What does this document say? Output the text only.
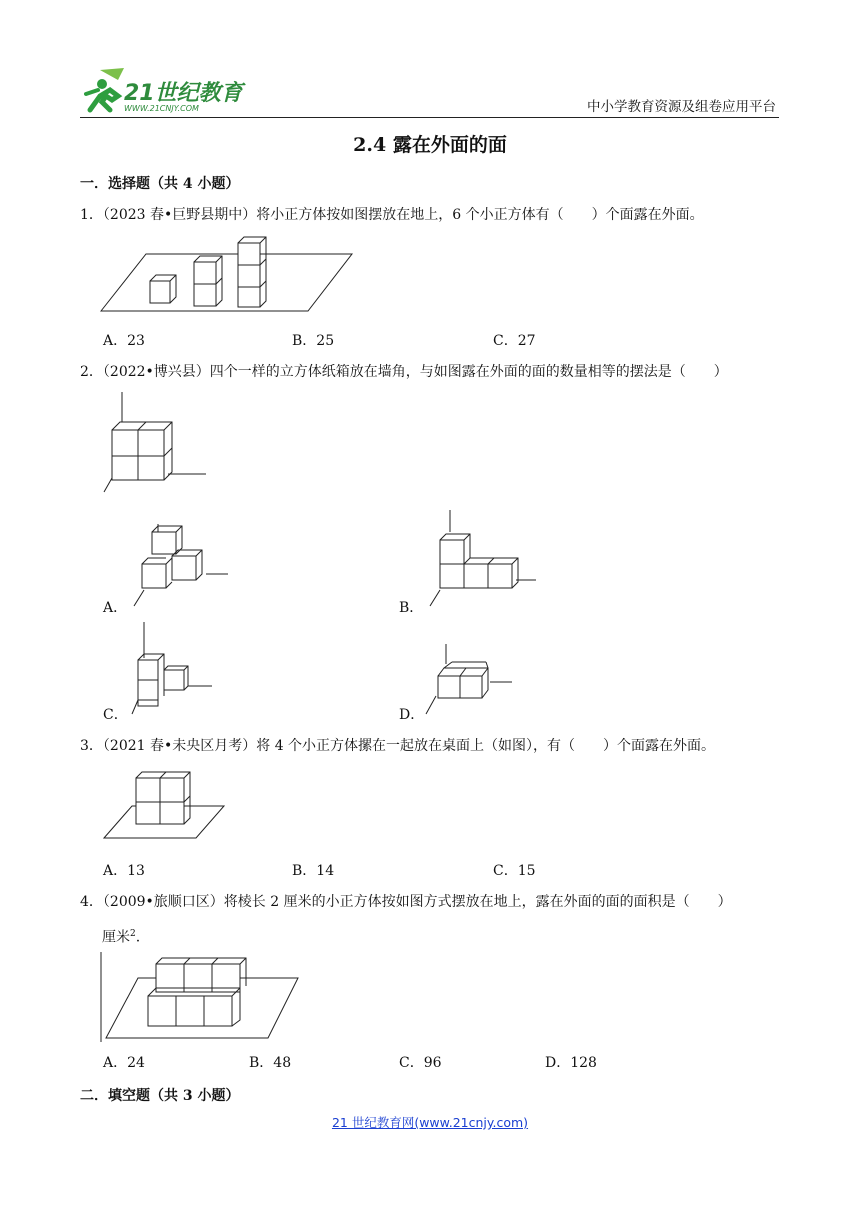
21世纪教育
WWW.21CNJY.COM	中小学教育资源及组卷应用平台
2.4 露在外面的面
一．选择题（共 4 小题）
1．（2023 春•巨野县期中）将小正方体按如图摆放在地上，6 个小正方体有（　　）个面露在外面。
A．23	B．25	C．27
2．（2022•博兴县）四个一样的立方体纸箱放在墙角，与如图露在外面的面的数量相等的摆法是（　　）
A．	B．
C．	D．
3．（2021 春•未央区月考）将 4 个小正方体摞在一起放在桌面上（如图），有（　　）个面露在外面。
A．13	B．14	C．15
4．（2009•旅顺口区）将棱长 2 厘米的小正方体按如图方式摆放在地上，露在外面的面的面积是（　　）
厘米$^2$.
A．24	B．48	C．96	D．128
二．填空题（共 3 小题）
21 世纪教育网(www.21cnjy.com)
